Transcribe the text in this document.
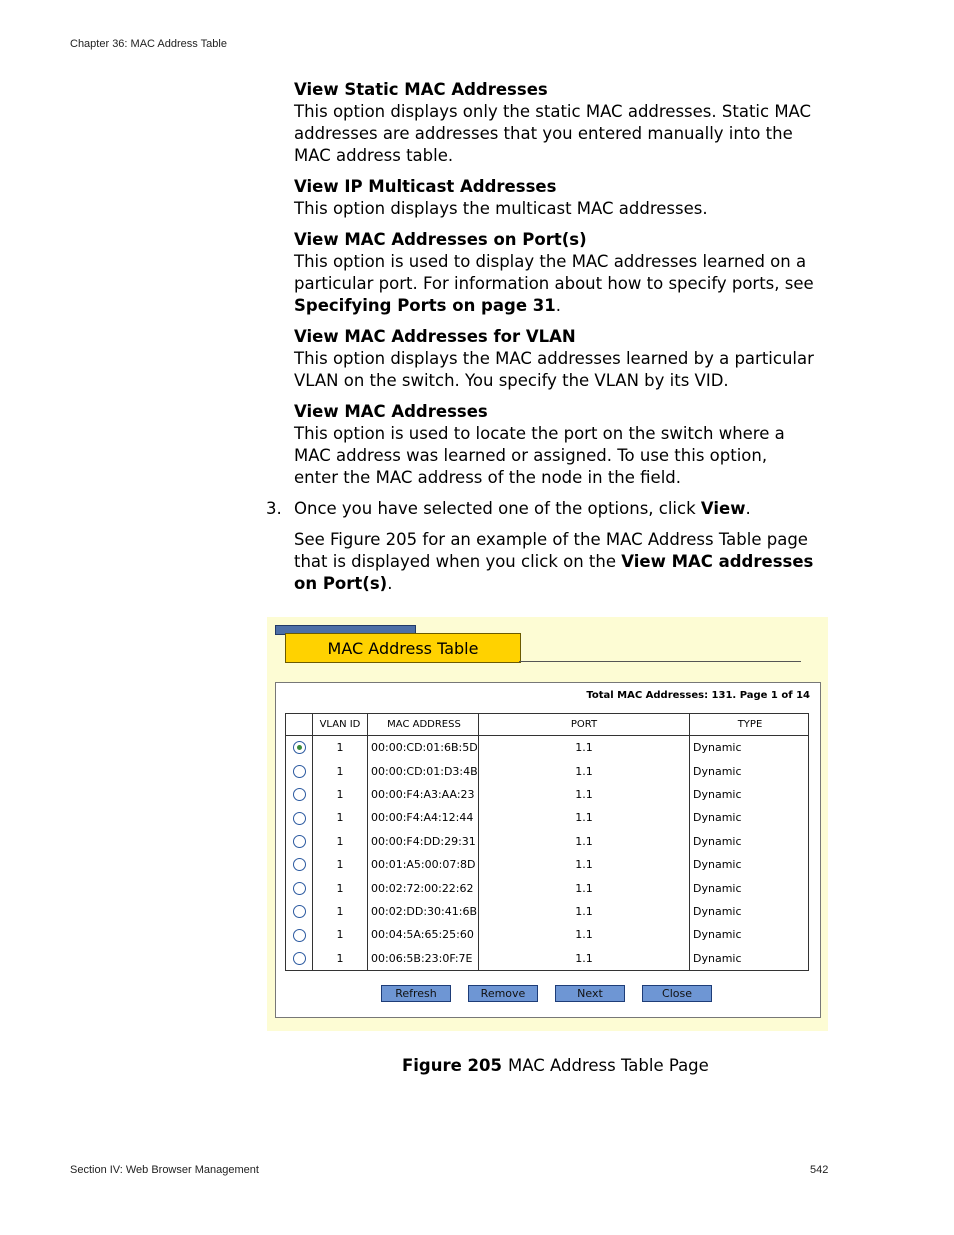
Chapter 36: MAC Address Table
View Static MAC Addresses
This option displays only the static MAC addresses. Static MAC addresses are addresses that you entered manually into the MAC address table.
View IP Multicast Addresses
This option displays the multicast MAC addresses.
View MAC Addresses on Port(s)
This option is used to display the MAC addresses learned on a particular port. For information about how to specify ports, see Specifying Ports on page 31.
View MAC Addresses for VLAN
This option displays the MAC addresses learned by a particular VLAN on the switch. You specify the VLAN by its VID.
View MAC Addresses
This option is used to locate the port on the switch where a MAC address was learned or assigned. To use this option, enter the MAC address of the node in the field.
3. Once you have selected one of the options, click View.
See Figure 205 for an example of the MAC Address Table page that is displayed when you click on the View MAC addresses on Port(s).
MAC Address Table
Total MAC Addresses: 131. Page 1 of 14
	VLAN ID	MAC ADDRESS	PORT	TYPE
	1	00:00:CD:01:6B:5D	1.1	Dynamic
	1	00:00:CD:01:D3:4B	1.1	Dynamic
	1	00:00:F4:A3:AA:23	1.1	Dynamic
	1	00:00:F4:A4:12:44	1.1	Dynamic
	1	00:00:F4:DD:29:31	1.1	Dynamic
	1	00:01:A5:00:07:8D	1.1	Dynamic
	1	00:02:72:00:22:62	1.1	Dynamic
	1	00:02:DD:30:41:6B	1.1	Dynamic
	1	00:04:5A:65:25:60	1.1	Dynamic
	1	00:06:5B:23:0F:7E	1.1	Dynamic
Refresh	Remove	Next	Close
Figure 205 MAC Address Table Page
Section IV: Web Browser Management	542
